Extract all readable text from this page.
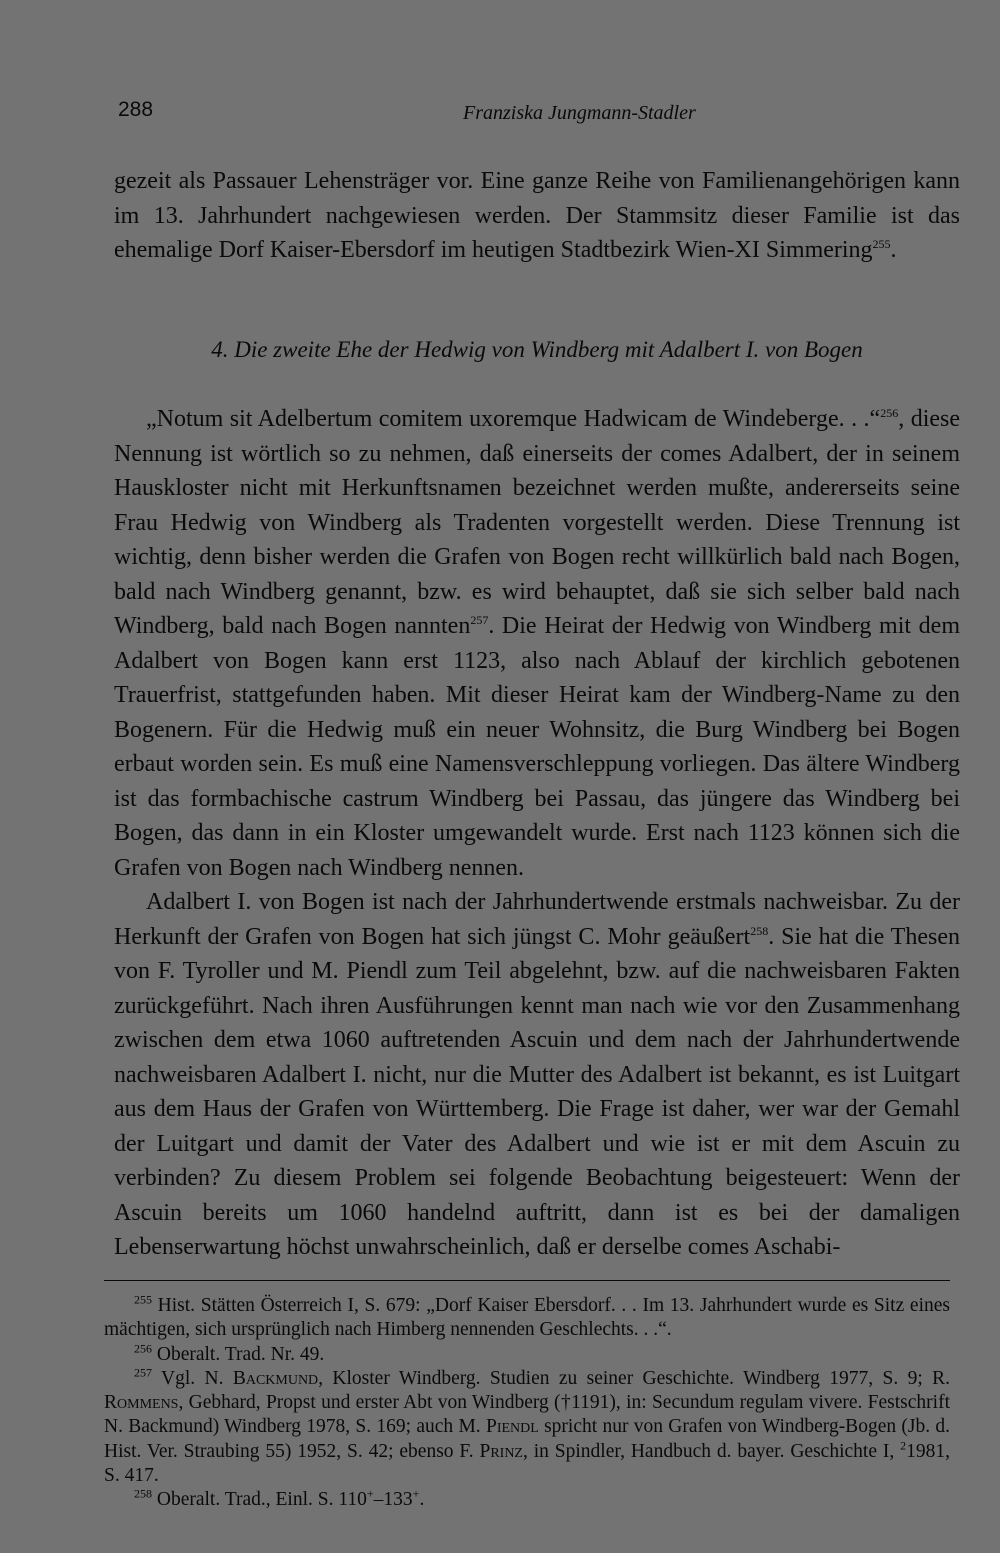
288	Franziska Jungmann-Stadler

gezeit als Passauer Lehensträger vor. Eine ganze Reihe von Familienangehörigen kann im 13. Jahrhundert nachgewiesen werden. Der Stammsitz dieser Familie ist das ehemalige Dorf Kaiser-Ebersdorf im heutigen Stadtbezirk Wien-XI Simmering$^{255}$.

4. Die zweite Ehe der Hedwig von Windberg mit Adalbert I. von Bogen

„Notum sit Adelbertum comitem uxoremque Hadwicam de Windeberge. . .“$^{256}$, diese Nennung ist wörtlich so zu nehmen, daß einerseits der comes Adalbert, der in seinem Hauskloster nicht mit Herkunftsnamen bezeichnet werden mußte, andererseits seine Frau Hedwig von Windberg als Tradenten vorgestellt werden. Diese Trennung ist wichtig, denn bisher werden die Grafen von Bogen recht willkürlich bald nach Bogen, bald nach Windberg genannt, bzw. es wird behauptet, daß sie sich selber bald nach Windberg, bald nach Bogen nannten$^{257}$. Die Heirat der Hedwig von Windberg mit dem Adalbert von Bogen kann erst 1123, also nach Ablauf der kirchlich gebotenen Trauerfrist, stattgefunden haben. Mit dieser Heirat kam der Windberg-Name zu den Bogenern. Für die Hedwig muß ein neuer Wohnsitz, die Burg Windberg bei Bogen erbaut worden sein. Es muß eine Namensverschleppung vorliegen. Das ältere Windberg ist das formbachische castrum Windberg bei Passau, das jüngere das Windberg bei Bogen, das dann in ein Kloster umgewandelt wurde. Erst nach 1123 können sich die Grafen von Bogen nach Windberg nennen.

Adalbert I. von Bogen ist nach der Jahrhundertwende erstmals nachweisbar. Zu der Herkunft der Grafen von Bogen hat sich jüngst C. Mohr geäußert$^{258}$. Sie hat die Thesen von F. Tyroller und M. Piendl zum Teil abgelehnt, bzw. auf die nachweisbaren Fakten zurückgeführt. Nach ihren Ausführungen kennt man nach wie vor den Zusammenhang zwischen dem etwa 1060 auftretenden Ascuin und dem nach der Jahrhundertwende nachweisbaren Adalbert I. nicht, nur die Mutter des Adalbert ist bekannt, es ist Luitgart aus dem Haus der Grafen von Württemberg. Die Frage ist daher, wer war der Gemahl der Luitgart und damit der Vater des Adalbert und wie ist er mit dem Ascuin zu verbinden? Zu diesem Problem sei folgende Beobachtung beigesteuert: Wenn der Ascuin bereits um 1060 handelnd auftritt, dann ist es bei der damaligen Lebenserwartung höchst unwahrscheinlich, daß er derselbe comes Aschabi-

$^{255}$ Hist. Stätten Österreich I, S. 679: „Dorf Kaiser Ebersdorf. . . Im 13. Jahrhundert wurde es Sitz eines mächtigen, sich ursprünglich nach Himberg nennenden Geschlechts. . .“.

$^{256}$ Oberalt. Trad. Nr. 49.

$^{257}$ Vgl. N. Backmund, Kloster Windberg. Studien zu seiner Geschichte. Windberg 1977, S. 9; R. Rommens, Gebhard, Propst und erster Abt von Windberg (†1191), in: Secundum regulam vivere. Festschrift N. Backmund) Windberg 1978, S. 169; auch M. Piendl spricht nur von Grafen von Windberg-Bogen (Jb. d. Hist. Ver. Straubing 55) 1952, S. 42; ebenso F. Prinz, in Spindler, Handbuch d. bayer. Geschichte I, $^2$1981, S. 417.

$^{258}$ Oberalt. Trad., Einl. S. 110+–133+.
